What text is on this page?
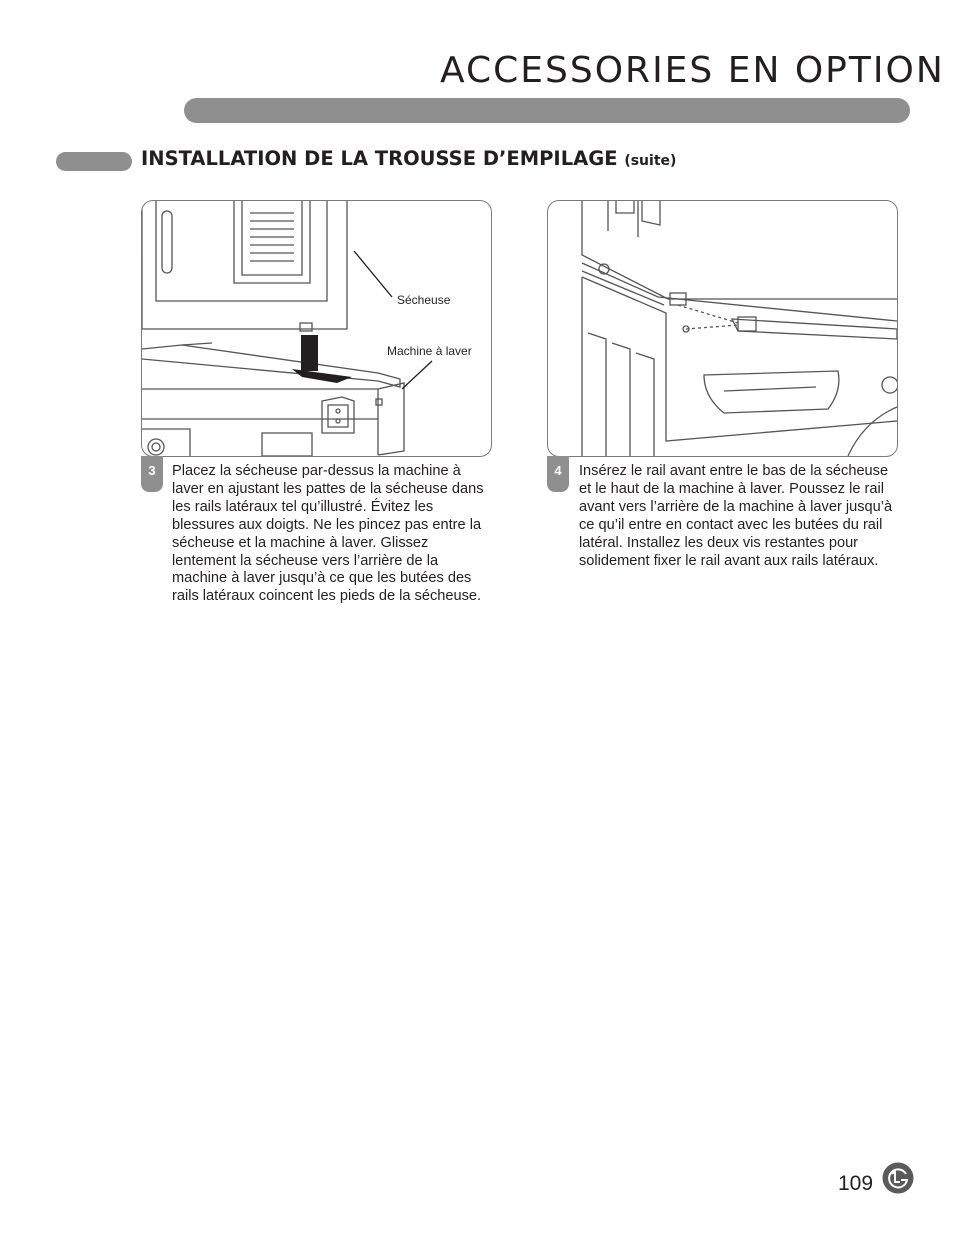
ACCESSORIES EN OPTION
INSTALLATION DE LA TROUSSE D’EMPILAGE (suite)
Sécheuse
Machine à laver
3	Placez la sécheuse par-dessus la machine à laver en ajustant les pattes de la sécheuse dans les rails latéraux tel qu’illustré. Évitez les blessures aux doigts. Ne les pincez pas entre la sécheuse et la machine à laver. Glissez lentement la sécheuse vers l’arrière de la machine à laver jusqu’à ce que les butées des rails latéraux coincent les pieds de la sécheuse.
4	Insérez le rail avant entre le bas de la sécheuse et le haut de la machine à laver. Poussez le rail avant vers l’arrière de la machine à laver jusqu’à ce qu’il entre en contact avec les butées du rail latéral. Installez les deux vis restantes pour solidement fixer le rail avant aux rails latéraux.
109
